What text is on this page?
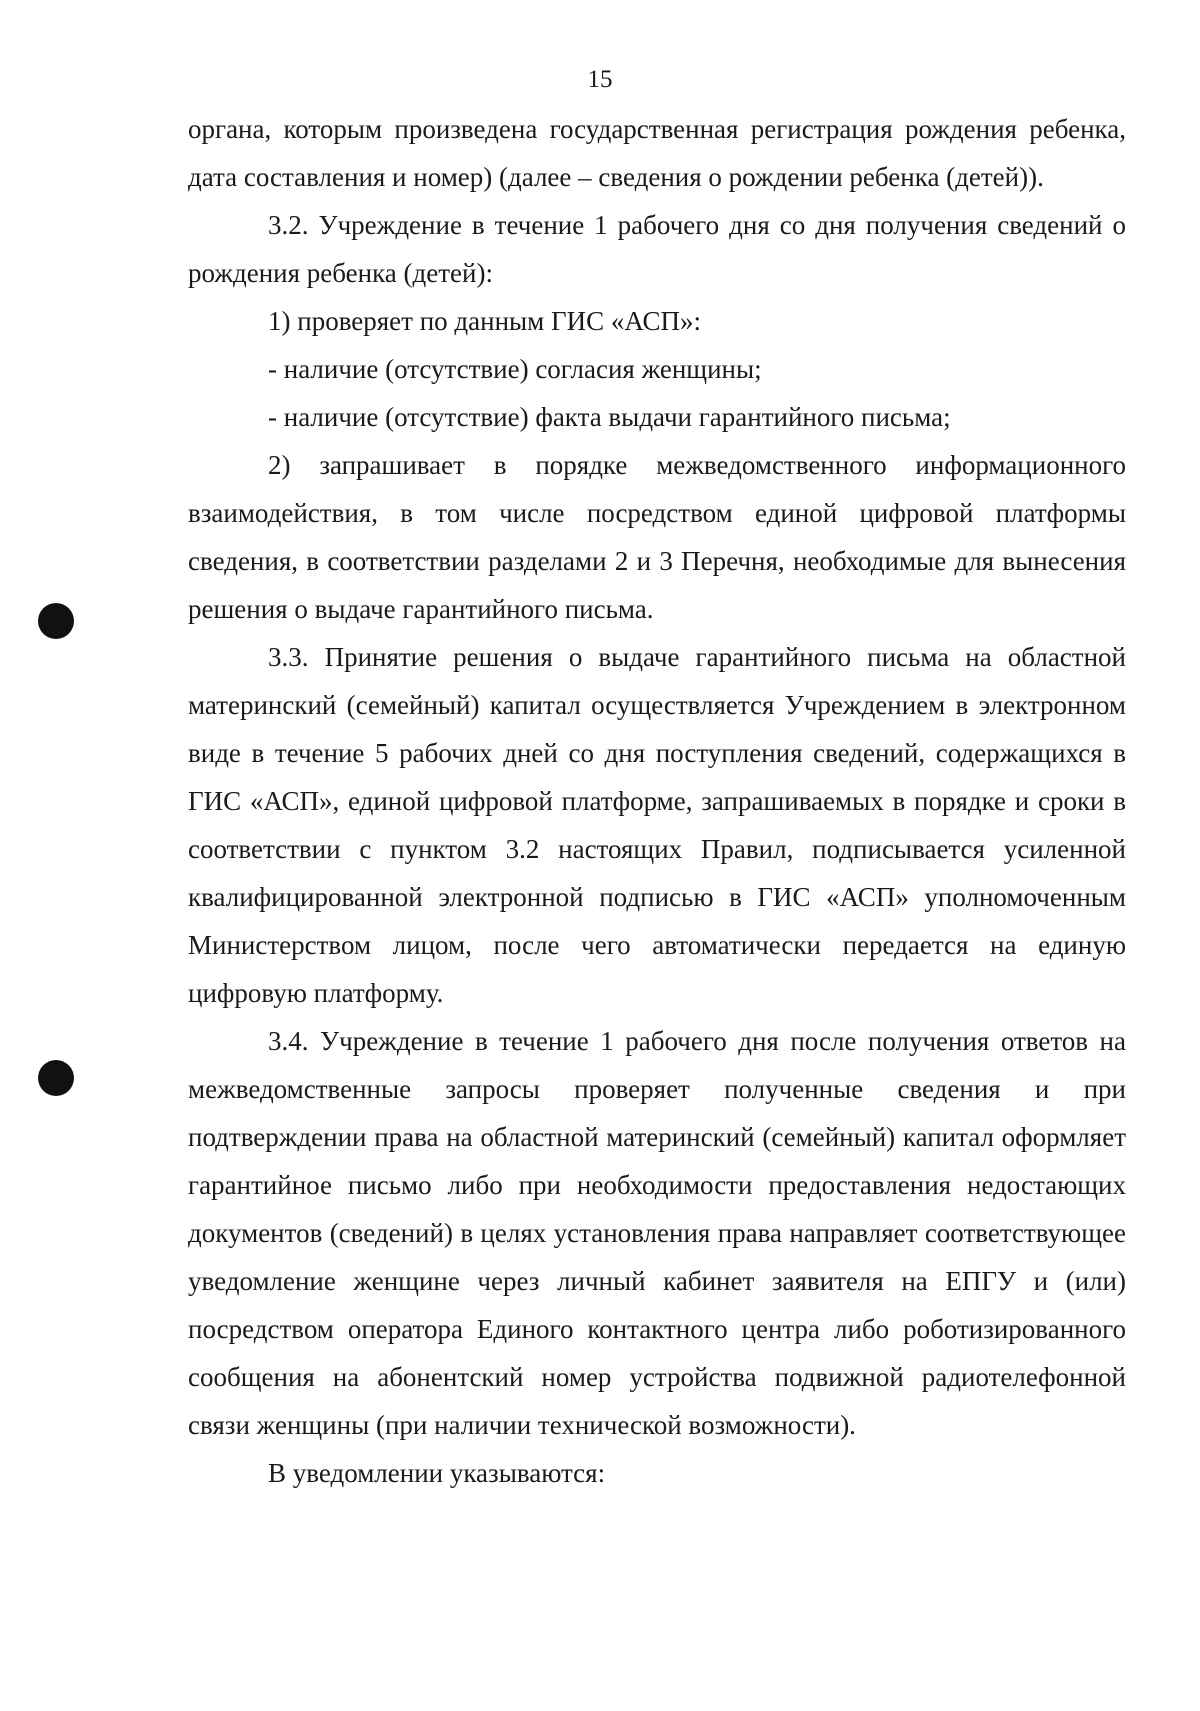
15

органа, которым произведена государственная регистрация рождения ребенка, дата составления и номер) (далее – сведения о рождении ребенка (детей)).

3.2. Учреждение в течение 1 рабочего дня со дня получения сведений о рождения ребенка (детей):

1) проверяет по данным ГИС «АСП»:

- наличие (отсутствие) согласия женщины;

- наличие (отсутствие) факта выдачи гарантийного письма;

2) запрашивает в порядке межведомственного информационного взаимодействия, в том числе посредством единой цифровой платформы сведения, в соответствии разделами 2 и 3 Перечня, необходимые для вынесения решения о выдаче гарантийного письма.

3.3. Принятие решения о выдаче гарантийного письма на областной материнский (семейный) капитал осуществляется Учреждением в электронном виде в течение 5 рабочих дней со дня поступления сведений, содержащихся в ГИС «АСП», единой цифровой платформе, запрашиваемых в порядке и сроки в соответствии с пунктом 3.2 настоящих Правил, подписывается усиленной квалифицированной электронной подписью в ГИС «АСП» уполномоченным Министерством лицом, после чего автоматически передается на единую цифровую платформу.

3.4. Учреждение в течение 1 рабочего дня после получения ответов на межведомственные запросы проверяет полученные сведения и при подтверждении права на областной материнский (семейный) капитал оформляет гарантийное письмо либо при необходимости предоставления недостающих документов (сведений) в целях установления права направляет соответствующее уведомление женщине через личный кабинет заявителя на ЕПГУ и (или) посредством оператора Единого контактного центра либо роботизированного сообщения на абонентский номер устройства подвижной радиотелефонной связи женщины (при наличии технической возможности).

В уведомлении указываются:
